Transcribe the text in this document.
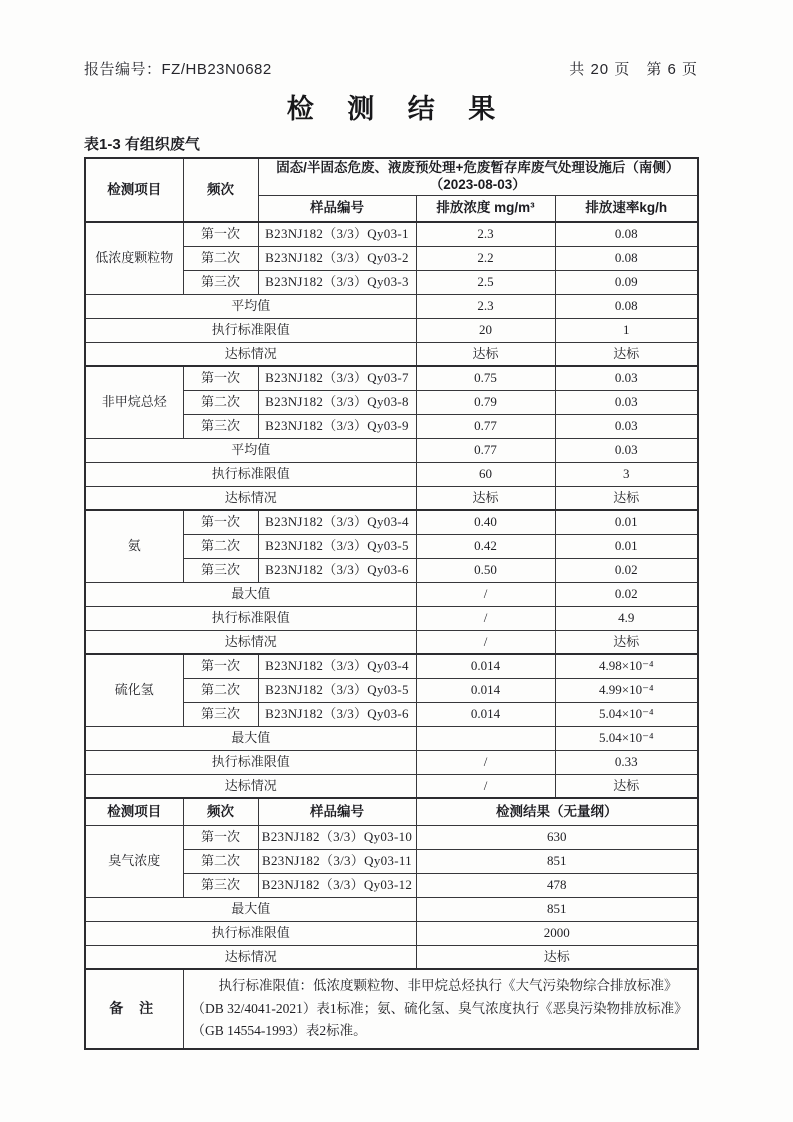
报告编号：FZ/HB23N0682	共 20 页　第 6 页
检 测 结 果
表1-3 有组织废气
检测项目	频次	固态/半固态危废、液废预处理+危废暂存库废气处理设施后（南侧）
（2023-08-03）		

		样品编号	排放浓度 mg/m³	排放速率kg/h
低浓度颗粒物	第一次	B23NJ182（3/3）Qy03-1	2.3	0.08
	第二次	B23NJ182（3/3）Qy03-2	2.2	0.08
	第三次	B23NJ182（3/3）Qy03-3	2.5	0.09
平均值			2.3	0.08
执行标准限值			20	1
达标情况			达标	达标
非甲烷总烃	第一次	B23NJ182（3/3）Qy03-7	0.75	0.03
	第二次	B23NJ182（3/3）Qy03-8	0.79	0.03
	第三次	B23NJ182（3/3）Qy03-9	0.77	0.03
平均值			0.77	0.03
执行标准限值			60	3
达标情况			达标	达标
氨	第一次	B23NJ182（3/3）Qy03-4	0.40	0.01
	第二次	B23NJ182（3/3）Qy03-5	0.42	0.01
	第三次	B23NJ182（3/3）Qy03-6	0.50	0.02
最大值			/	0.02
执行标准限值			/	4.9
达标情况			/	达标
硫化氢	第一次	B23NJ182（3/3）Qy03-4	0.014	4.98×10⁻⁴
	第二次	B23NJ182（3/3）Qy03-5	0.014	4.99×10⁻⁴
	第三次	B23NJ182（3/3）Qy03-6	0.014	5.04×10⁻⁴
最大值				5.04×10⁻⁴
执行标准限值			/	0.33
达标情况			/	达标
检测项目	频次	样品编号	检测结果（无量纲）	
臭气浓度	第一次	B23NJ182（3/3）Qy03-10	630	
	第二次	B23NJ182（3/3）Qy03-11	851	
	第三次	B23NJ182（3/3）Qy03-12	478	
最大值			851	
执行标准限值			2000	
达标情况			达标	
备 注	　　执行标准限值：低浓度颗粒物、非甲烷总烃执行《大气污染物综合排放标准》
（DB 32/4041-2021）表1标准；氨、硫化氢、臭气浓度执行《恶臭污染物排放标准》
（GB 14554-1993）表2标准。			
